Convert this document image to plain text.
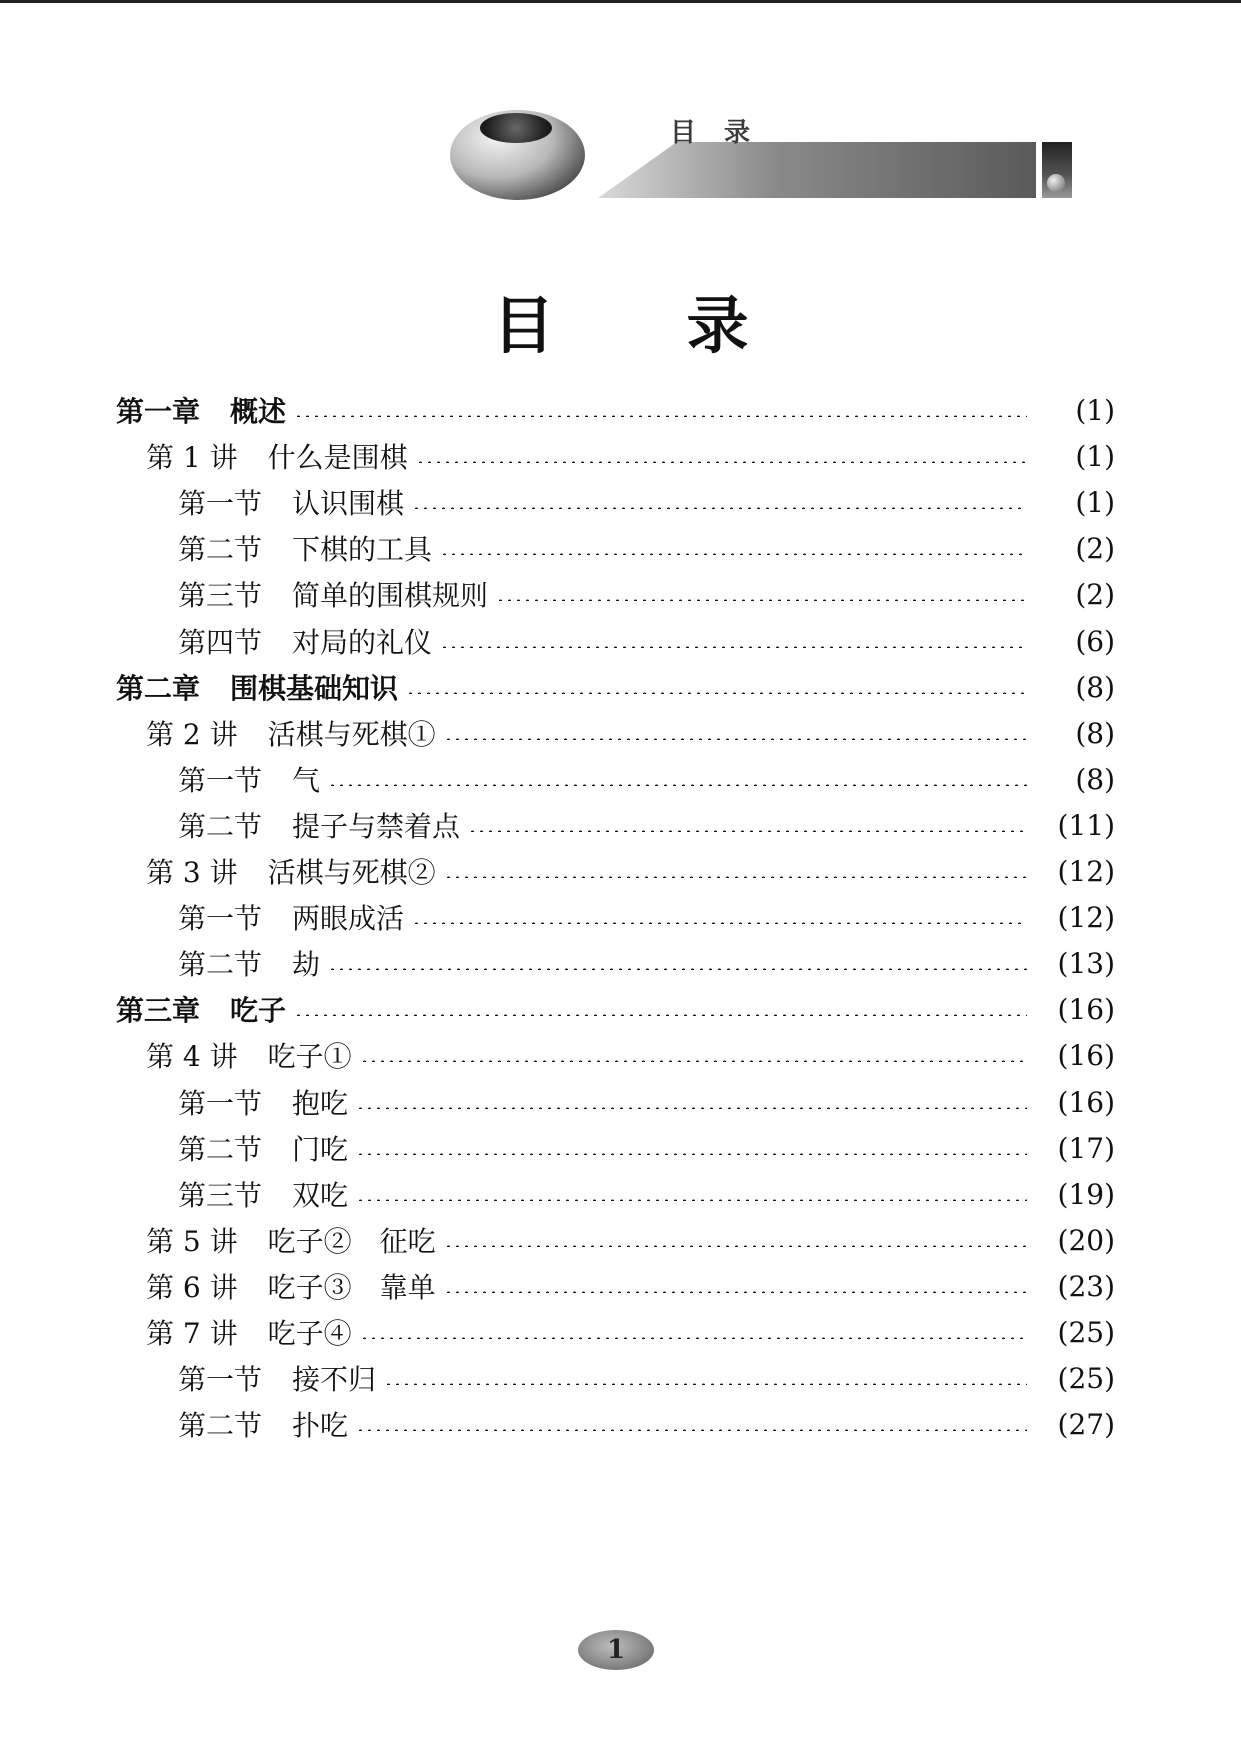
目录
目录
第一章	概述	(1)
第 1 讲	什么是围棋	(1)
第一节	认识围棋	(1)
第二节	下棋的工具	(2)
第三节	简单的围棋规则	(2)
第四节	对局的礼仪	(6)
第二章	围棋基础知识	(8)
第 2 讲	活棋与死棋①	(8)
第一节	气	(8)
第二节	提子与禁着点	(11)
第 3 讲	活棋与死棋②	(12)
第一节	两眼成活	(12)
第二节	劫	(13)
第三章	吃子	(16)
第 4 讲	吃子①	(16)
第一节	抱吃	(16)
第二节	门吃	(17)
第三节	双吃	(19)
第 5 讲	吃子②　征吃	(20)
第 6 讲	吃子③　靠单	(23)
第 7 讲	吃子④	(25)
第一节	接不归	(25)
第二节	扑吃	(27)
1
